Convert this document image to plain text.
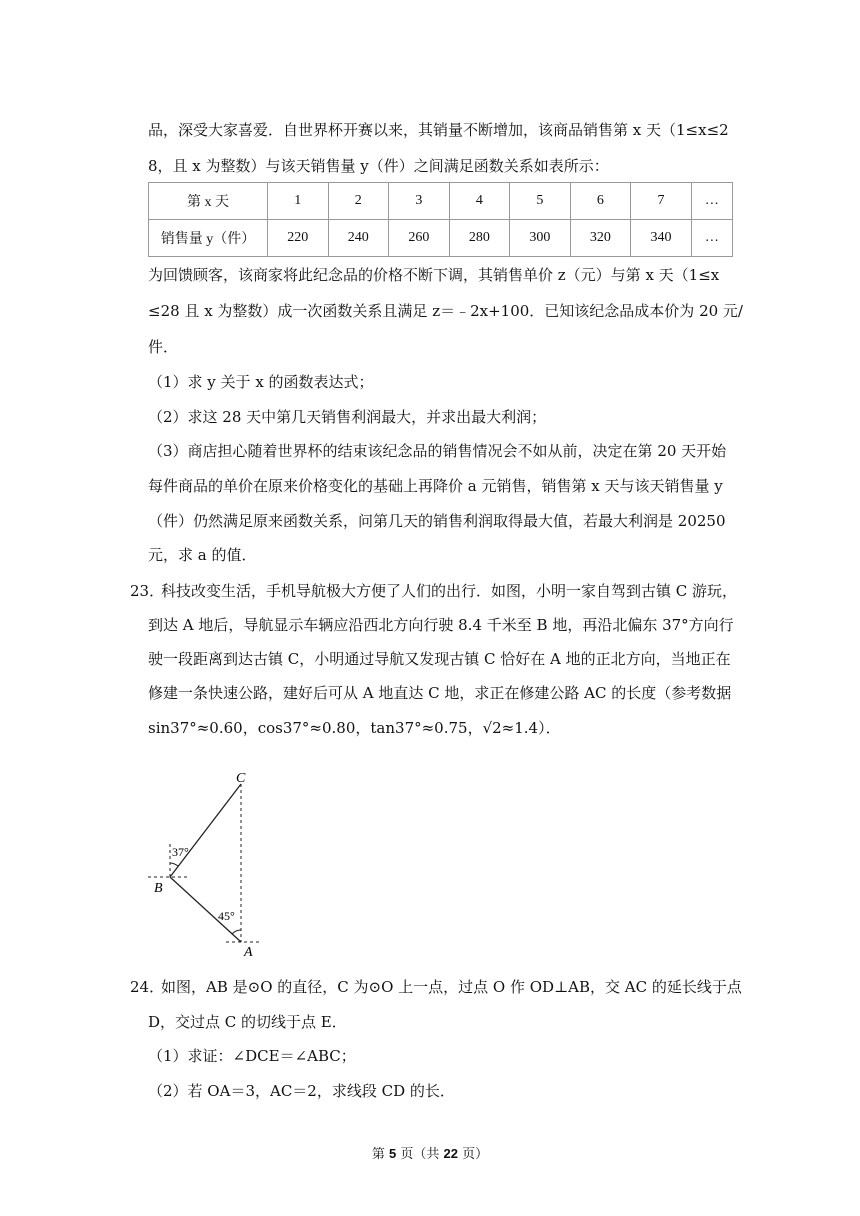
品，深受大家喜爱．自世界杯开赛以来，其销量不断增加，该商品销售第 x 天（1≤x≤2
8，且 x 为整数）与该天销售量 y（件）之间满足函数关系如表所示：
第 x 天	1	2	3	4	5	6	7	…
销售量 y（件）	220	240	260	280	300	320	340	…
为回馈顾客，该商家将此纪念品的价格不断下调，其销售单价 z（元）与第 x 天（1≤x
≤28 且 x 为整数）成一次函数关系且满足 z＝﹣2x+100．已知该纪念品成本价为 20 元/
件．
（1）求 y 关于 x 的函数表达式；
（2）求这 28 天中第几天销售利润最大，并求出最大利润；
（3）商店担心随着世界杯的结束该纪念品的销售情况会不如从前，决定在第 20 天开始
每件商品的单价在原来价格变化的基础上再降价 a 元销售，销售第 x 天与该天销售量 y
（件）仍然满足原来函数关系，问第几天的销售利润取得最大值，若最大利润是 20250
元，求 a 的值．
23．
科技改变生活，手机导航极大方便了人们的出行．如图，小明一家自驾到古镇 C 游玩，
到达 A 地后，导航显示车辆应沿西北方向行驶 8.4 千米至 B 地，再沿北偏东 37°方向行
驶一段距离到达古镇 C，小明通过导航又发现古镇 C 恰好在 A 地的正北方向，当地正在
修建一条快速公路，建好后可从 A 地直达 C 地，求正在修建公路 AC 的长度（参考数据
sin37°≈0.60，cos37°≈0.80，tan37°≈0.75，√2≈1.4）．
C
B
A
37°
45°
24．
如图，AB 是⊙O 的直径，C 为⊙O 上一点，过点 O 作 OD⊥AB，交 AC 的延长线于点
D，交过点 C 的切线于点 E．
（1）求证：∠DCE＝∠ABC；
（2）若 OA＝3，AC＝2，求线段 CD 的长．
第 5 页（共 22 页）
